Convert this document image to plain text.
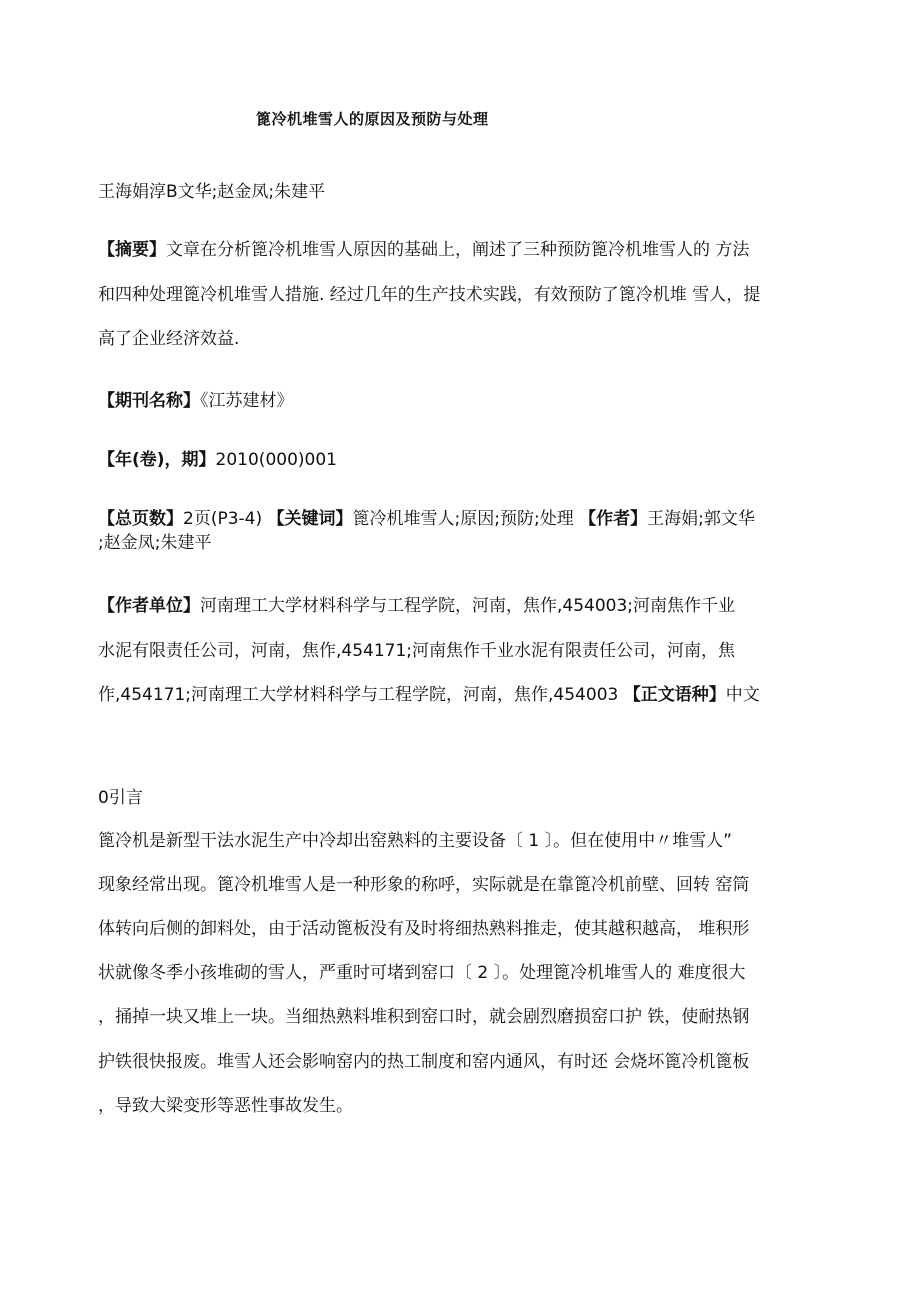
篦冷机堆雪人的原因及预防与处理
王海娟淳B文华;赵金凤;朱建平
【摘要】文章在分析篦冷机堆雪人原因的基础上，阐述了三种预防篦冷机堆雪人的 方法
和四种处理篦冷机堆雪人措施. 经过几年的生产技术实践，有效预防了篦冷机堆 雪人，提
高了企业经济效益.
【期刊名称】《江苏建材》
【年(卷)，期】2010(000)001
【总页数】2页(P3-4) 【关键词】篦冷机堆雪人;原因;预防;处理 【作者】王海娟;郭文华
;赵金凤;朱建平
【作者单位】河南理工大学材料科学与工程学院，河南，焦作,454003;河南焦作千业
水泥有限责任公司，河南，焦作,454171;河南焦作千业水泥有限责任公司，河南，焦
作,454171;河南理工大学材料科学与工程学院，河南，焦作,454003 【正文语种】中文
0引言
篦冷机是新型干法水泥生产中冷却出窑熟料的主要设备〔 1 〕。但在使用中〃堆雪人”
现象经常出现。篦冷机堆雪人是一种形象的称呼，实际就是在靠篦冷机前壁、回转 窑筒
体转向后侧的卸料处，由于活动篦板没有及时将细热熟料推走，使其越积越高， 堆积形
状就像冬季小孩堆砌的雪人，严重时可堵到窑口〔 2 〕。处理篦冷机堆雪人的 难度很大
，捅掉一块又堆上一块。当细热熟料堆积到窑口时，就会剧烈磨损窑口护 铁，使耐热钢
护铁很快报废。堆雪人还会影响窑内的热工制度和窑内通风，有时还 会烧坏篦冷机篦板
，导致大梁变形等恶性事故发生。
